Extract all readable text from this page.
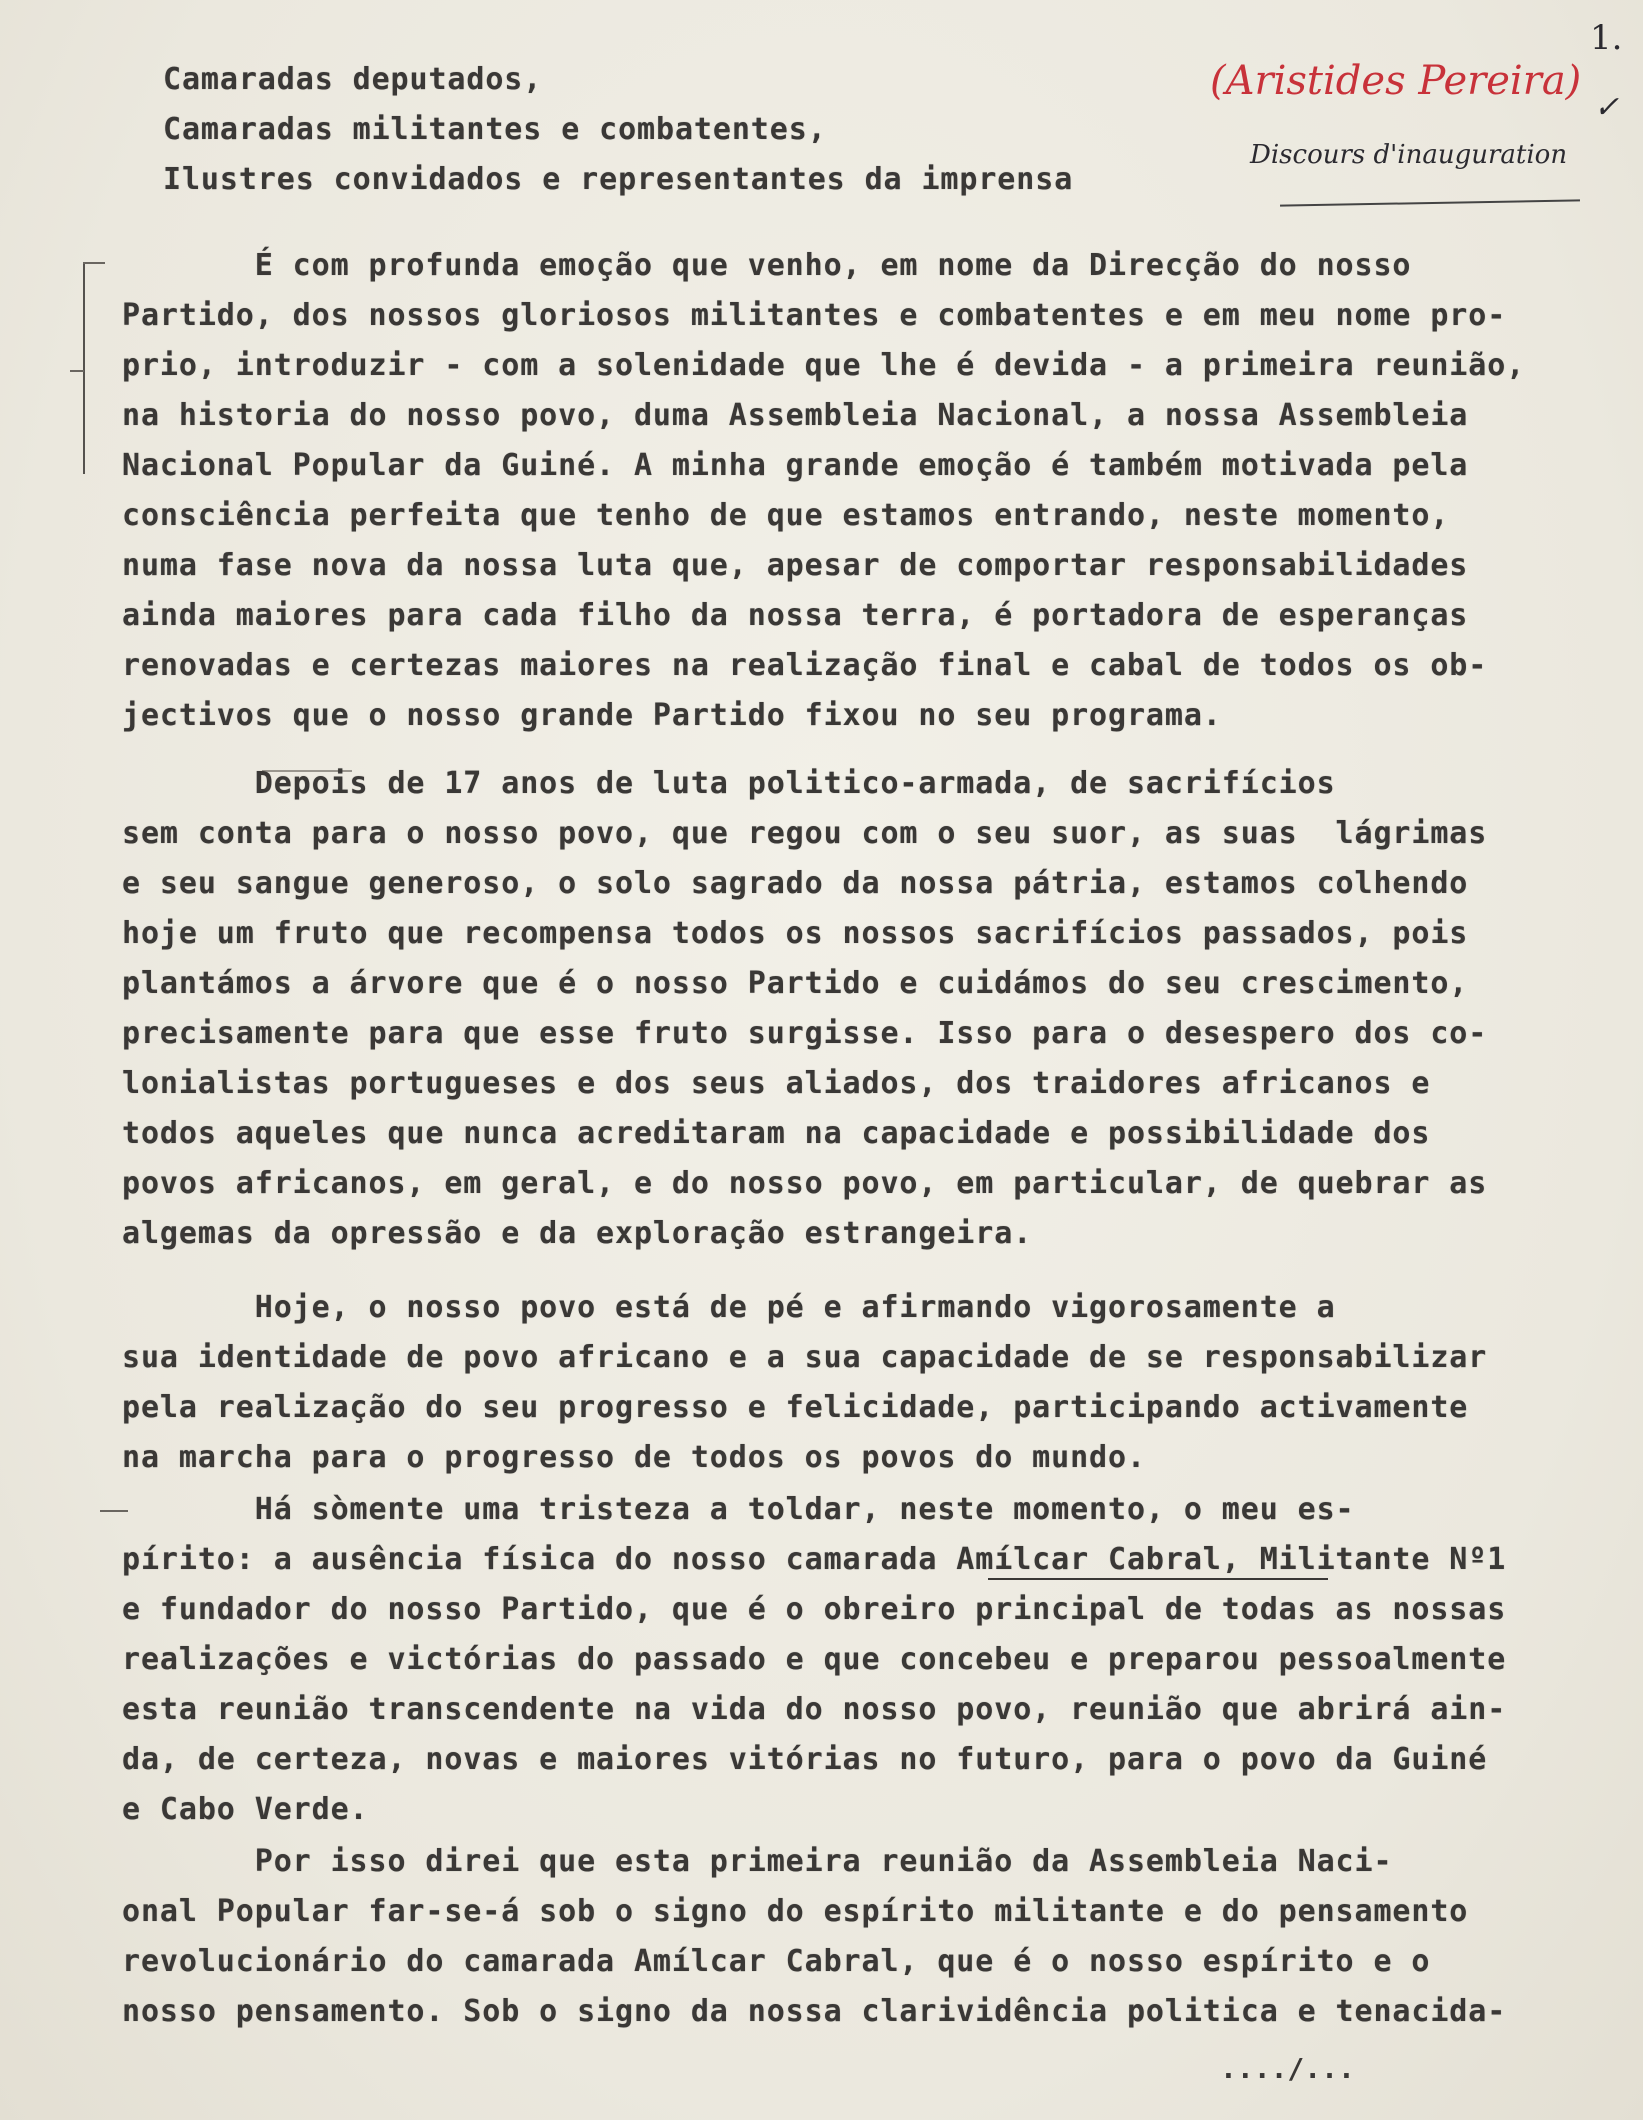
1.
✓
(Aristides Pereira)
Discours d'inauguration
Camaradas deputados,
Camaradas militantes e combatentes,
Ilustres convidados e representantes da imprensa
É com profunda emoção que venho, em nome da Direcção do nosso
Partido, dos nossos gloriosos militantes e combatentes e em meu nome pro-
prio, introduzir - com a solenidade que lhe é devida - a primeira reunião,
na historia do nosso povo, duma Assembleia Nacional, a nossa Assembleia
Nacional Popular da Guiné. A minha grande emoção é também motivada pela
consciência perfeita que tenho de que estamos entrando, neste momento,
numa fase nova da nossa luta que, apesar de comportar responsabilidades
ainda maiores para cada filho da nossa terra, é portadora de esperanças
renovadas e certezas maiores na realização final e cabal de todos os ob-
jectivos que o nosso grande Partido fixou no seu programa.
Depois de 17 anos de luta politico-armada, de sacrifícios
sem conta para o nosso povo, que regou com o seu suor, as suas  lágrimas
e seu sangue generoso, o solo sagrado da nossa pátria, estamos colhendo
hoje um fruto que recompensa todos os nossos sacrifícios passados, pois
plantámos a árvore que é o nosso Partido e cuidámos do seu crescimento,
precisamente para que esse fruto surgisse. Isso para o desespero dos co-
lonialistas portugueses e dos seus aliados, dos traidores africanos e
todos aqueles que nunca acreditaram na capacidade e possibilidade dos
povos africanos, em geral, e do nosso povo, em particular, de quebrar as
algemas da opressão e da exploração estrangeira.
Hoje, o nosso povo está de pé e afirmando vigorosamente a
sua identidade de povo africano e a sua capacidade de se responsabilizar
pela realização do seu progresso e felicidade, participando activamente
na marcha para o progresso de todos os povos do mundo.
Há sòmente uma tristeza a toldar, neste momento, o meu es-
pírito: a ausência física do nosso camarada Amílcar Cabral, Militante Nº1
e fundador do nosso Partido, que é o obreiro principal de todas as nossas
realizações e victórias do passado e que concebeu e preparou pessoalmente
esta reunião transcendente na vida do nosso povo, reunião que abrirá ain-
da, de certeza, novas e maiores vitórias no futuro, para o povo da Guiné
e Cabo Verde.
Por isso direi que esta primeira reunião da Assembleia Naci-
onal Popular far-se-á sob o signo do espírito militante e do pensamento
revolucionário do camarada Amílcar Cabral, que é o nosso espírito e o
nosso pensamento. Sob o signo da nossa clarividência politica e tenacida-
..../...
